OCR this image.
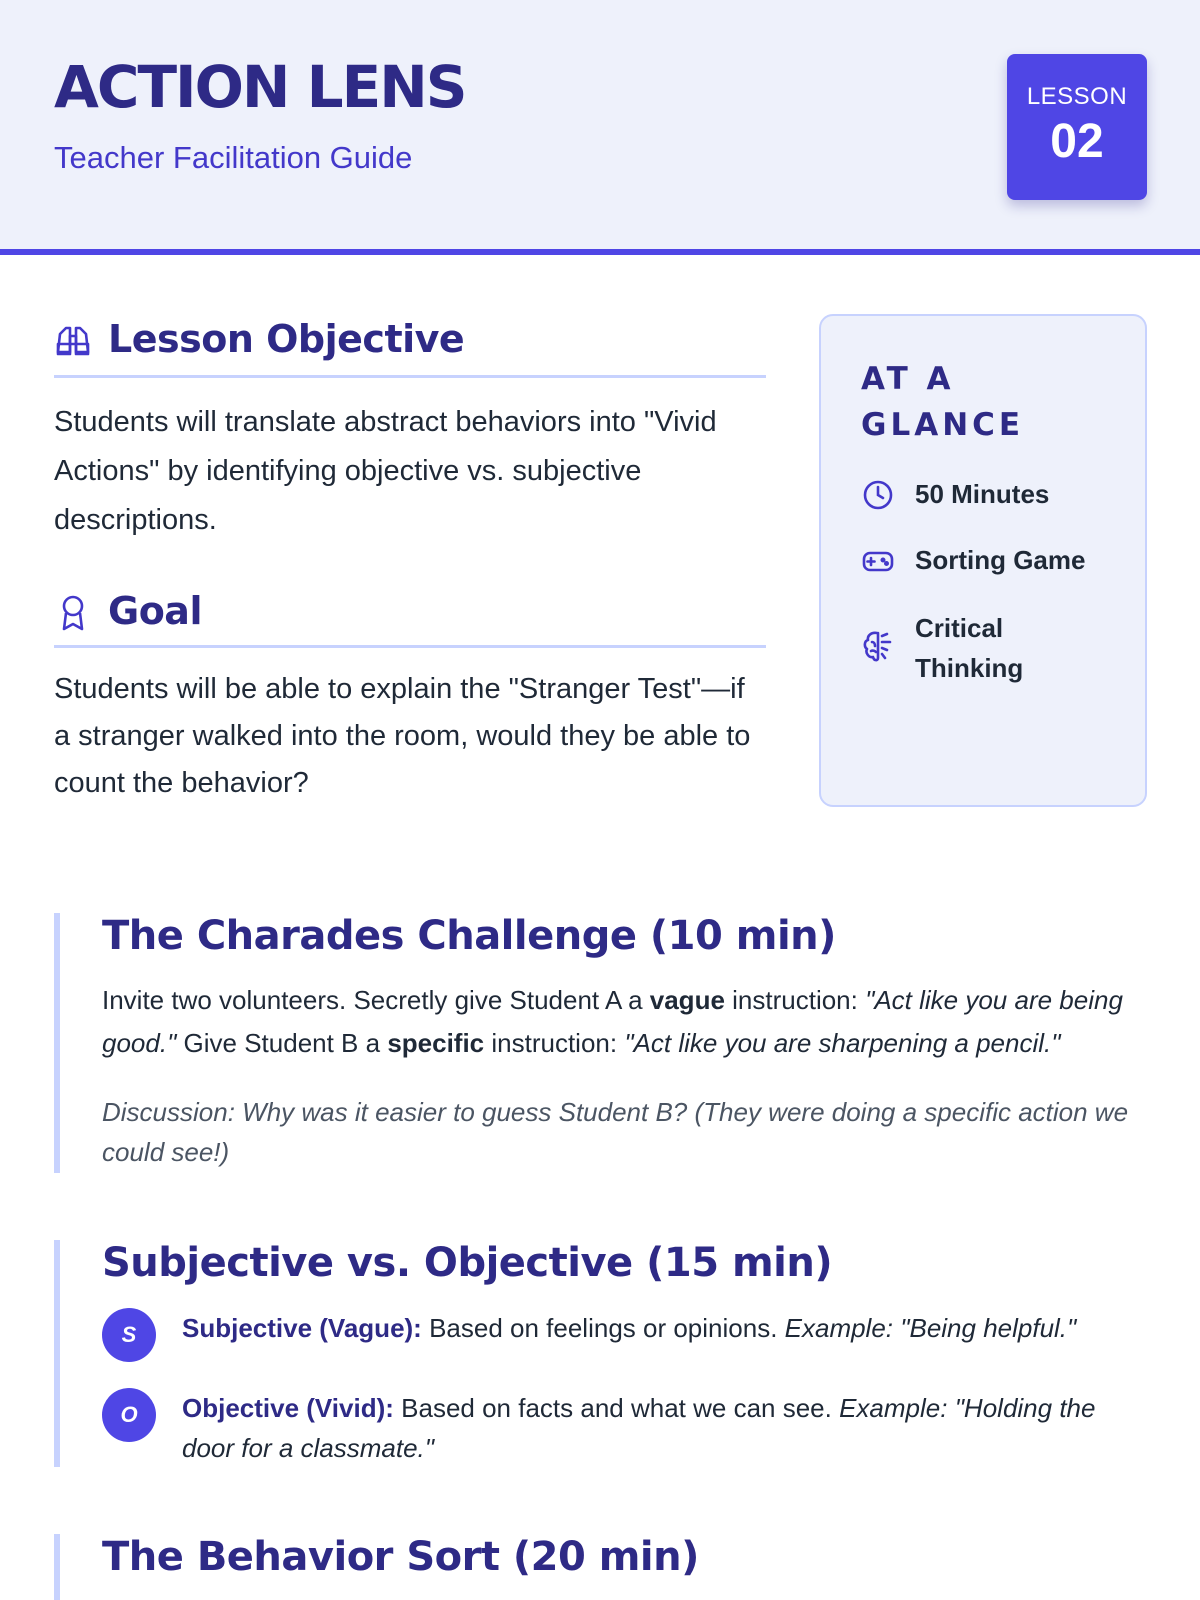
ACTION LENS
Teacher Facilitation Guide
LESSON
02
Lesson Objective
Students will translate abstract behaviors into "Vivid Actions" by identifying objective vs. subjective descriptions.
Goal
Students will be able to explain the "Stranger Test"—if a stranger walked into the room, would they be able to count the behavior?
AT A GLANCE
50 Minutes
Sorting Game
Critical Thinking
The Charades Challenge (10 min)
Invite two volunteers. Secretly give Student A a vague instruction: "Act like you are being good." Give Student B a specific instruction: "Act like you are sharpening a pencil."
Discussion: Why was it easier to guess Student B? (They were doing a specific action we could see!)
Subjective vs. Objective (15 min)
S	Subjective (Vague): Based on feelings or opinions. Example: "Being helpful."
O	Objective (Vivid): Based on facts and what we can see. Example: "Holding the door for a classmate."
The Behavior Sort (20 min)
